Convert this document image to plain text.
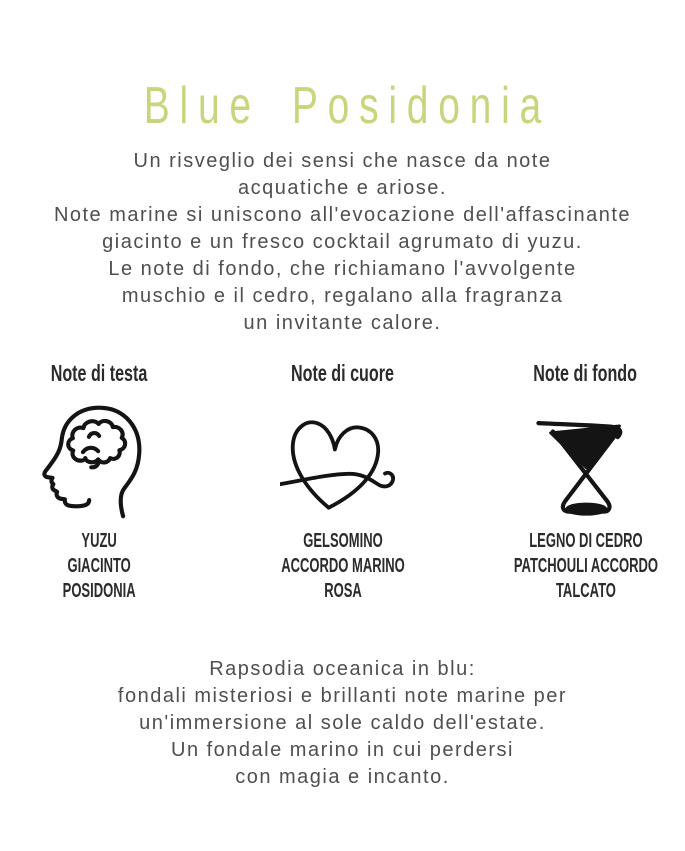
Blue Posidonia
Un risveglio dei sensi che nasce da note
acquatiche e ariose.
Note marine si uniscono all'evocazione dell'affascinante
giacinto e un fresco cocktail agrumato di yuzu.
Le note di fondo, che richiamano l'avvolgente
muschio e il cedro, regalano alla fragranza
un invitante calore.
Note di testa
YUZU
GIACINTO
POSIDONIA
Note di cuore
GELSOMINO
ACCORDO MARINO
ROSA
Note di fondo
LEGNO DI CEDRO
PATCHOULI ACCORDO
TALCATO
Rapsodia oceanica in blu:
fondali misteriosi e brillanti note marine per
un'immersione al sole caldo dell'estate.
Un fondale marino in cui perdersi
con magia e incanto.
